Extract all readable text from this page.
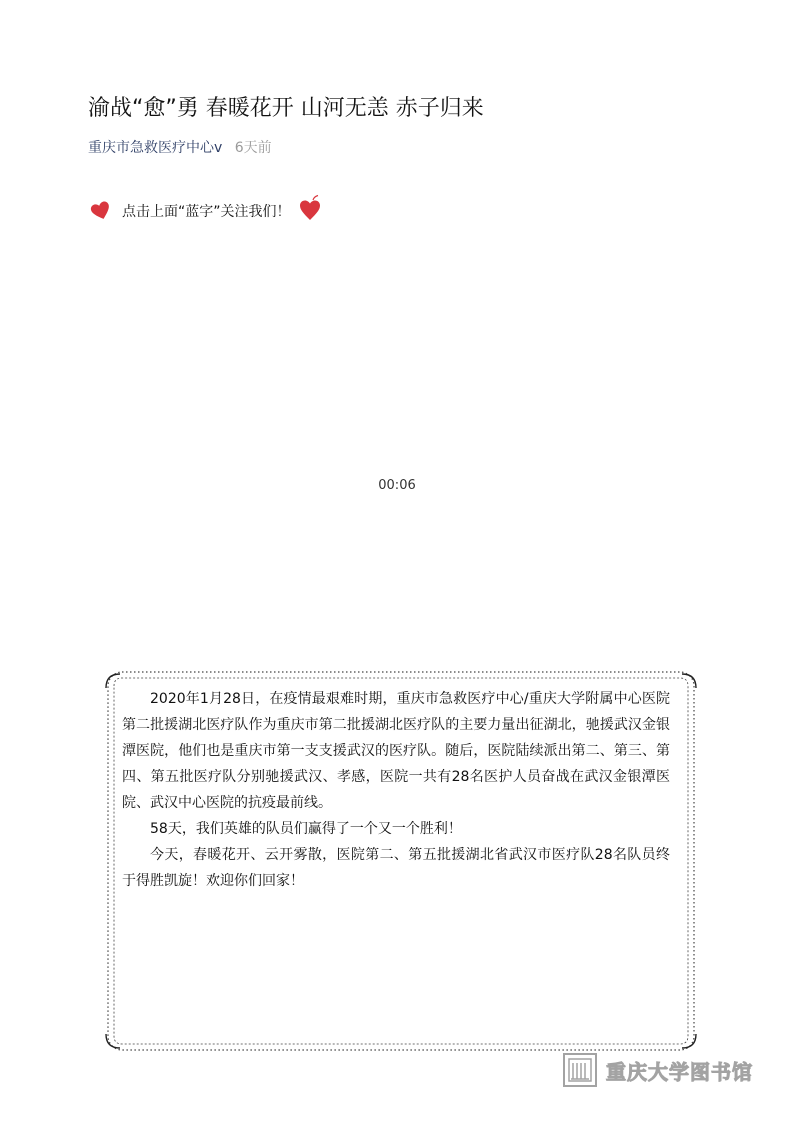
渝战“愈”勇 春暖花开 山河无恙 赤子归来
重庆市急救医疗中心v 6天前
点击上面“蓝字”关注我们！
00:06

2020年1月28日，在疫情最艰难时期，重庆市急救医疗中心/重庆大学附属中心医院第二批援湖北医疗队作为重庆市第二批援湖北医疗队的主要力量出征湖北，驰援武汉金银潭医院，他们也是重庆市第一支支援武汉的医疗队。随后，医院陆续派出第二、第三、第四、第五批医疗队分别驰援武汉、孝感，医院一共有28名医护人员奋战在武汉金银潭医院、武汉中心医院的抗疫最前线。

58天，我们英雄的队员们赢得了一个又一个胜利！

今天，春暖花开、云开雾散，医院第二、第五批援湖北省武汉市医疗队28名队员终于得胜凯旋！欢迎你们回家！

重庆大学图书馆
